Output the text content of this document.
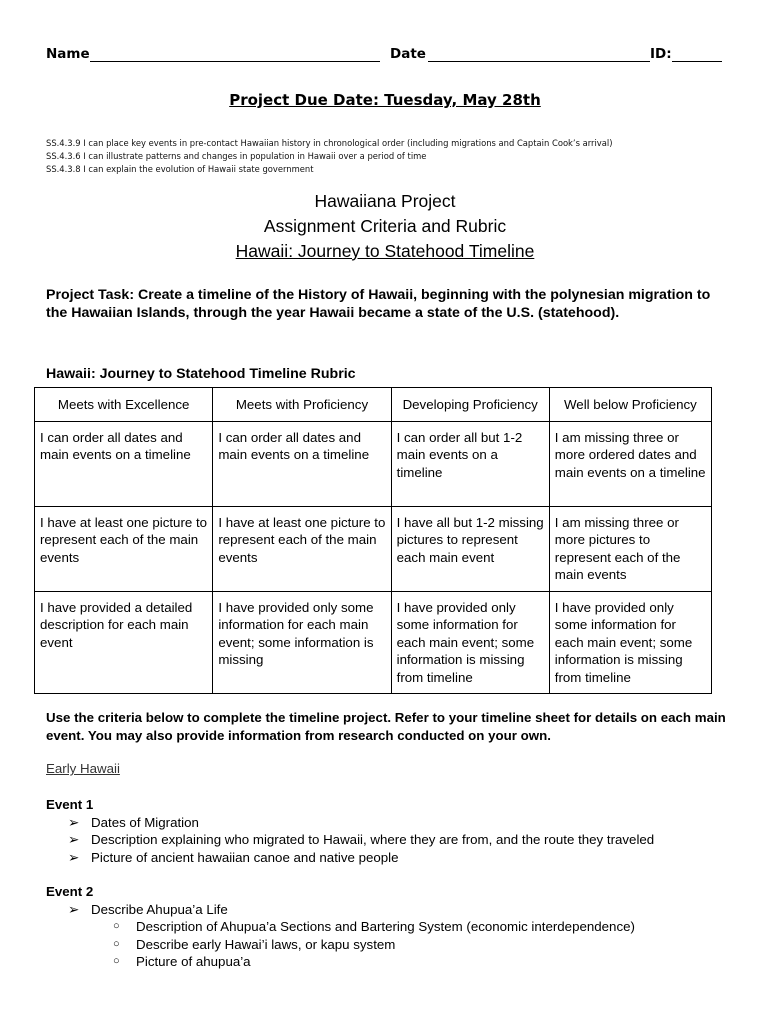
Name	Date	ID:
Project Due Date: Tuesday, May 28th
SS.4.3.9 I can place key events in pre-contact Hawaiian history in chronological order (including migrations and Captain Cook’s arrival)
SS.4.3.6 I can illustrate patterns and changes in population in Hawaii over a period of time
SS.4.3.8 I can explain the evolution of Hawaii state government
Hawaiiana Project
Assignment Criteria and Rubric
Hawaii: Journey to Statehood Timeline
Project Task: Create a timeline of the History of Hawaii, beginning with the polynesian migration to the Hawaiian Islands, through the year Hawaii became a state of the U.S. (statehood).
Hawaii: Journey to Statehood Timeline Rubric
Meets with Excellence	Meets with Proficiency	Developing Proficiency	Well below Proficiency
I can order all dates and main events on a timeline	I can order all dates and main events on a timeline	I can order all but 1-2 main events on a timeline	I am missing three or more ordered dates and main events on a timeline
I have at least one picture to represent each of the main events	I have at least one picture to represent each of the main events	I have all but 1-2 missing pictures to represent each main event	I am missing three or more pictures to represent each of the main events
I have provided a detailed description for each main event	I have provided only some information for each main event; some information is missing	I have provided only some information for each main event; some information is missing from timeline	I have provided only some information for each main event; some information is missing from timeline
Use the criteria below to complete the timeline project. Refer to your timeline sheet for details on each main event. You may also provide information from research conducted on your own.
Early Hawaii
Event 1
➢ Dates of Migration
➢ Description explaining who migrated to Hawaii, where they are from, and the route they traveled
➢ Picture of ancient hawaiian canoe and native people
Event 2
➢ Describe Ahupua’a Life
○	Description of Ahupua’a Sections and Bartering System (economic interdependence)
○	Describe early Hawai’i laws, or kapu system
○	Picture of ahupua’a
